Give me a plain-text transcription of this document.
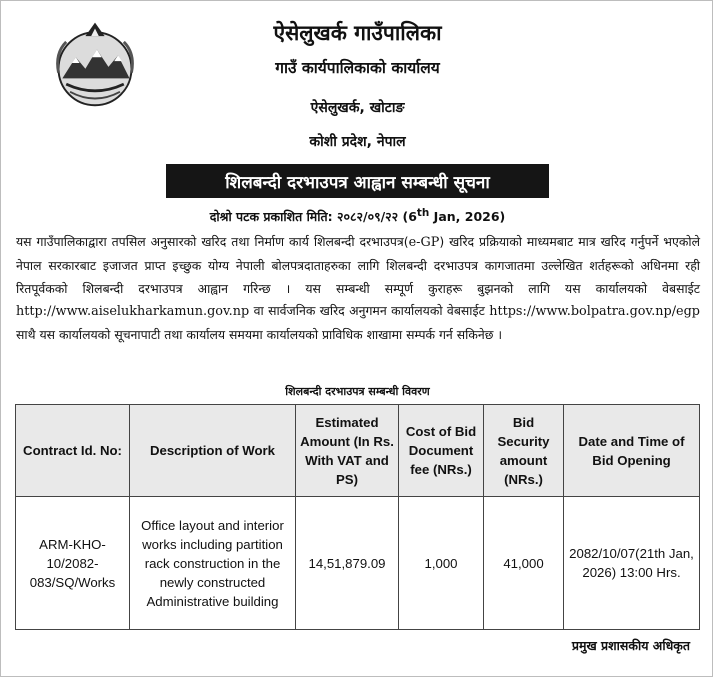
ऐसेलुखर्क गाउँपालिका
गाउँ कार्यपालिकाको कार्यालय
ऐसेलुखर्क, खोटाङ
कोशी प्रदेश, नेपाल
शिलबन्दी दरभाउपत्र आह्वान सम्बन्धी सूचना
दोश्रो पटक प्रकाशित मिति: २०८२/०९/२२ (6th Jan, 2026)
यस गाउँपालिकाद्वारा तपसिल अनुसारको खरिद तथा निर्माण कार्य शिलबन्दी दरभाउपत्र(e-GP) खरिद प्रक्रियाको माध्यमबाट मात्र खरिद गर्नुपर्ने भएकोले नेपाल सरकारबाट इजाजत प्राप्त इच्छुक योग्य नेपाली बोलपत्रदाताहरुका लागि शिलबन्दी दरभाउपत्र कागजातमा उल्लेखित शर्तहरूको अधिनमा रही रितपूर्वकको शिलबन्दी दरभाउपत्र आह्वान गरिन्छ । यस सम्बन्धी सम्पूर्ण कुराहरू बुझनको लागि यस कार्यालयको वेबसाईट http://www.aiselukharkamun.gov.np वा सार्वजनिक खरिद अनुगमन कार्यालयको वेबसाईट https://www.bolpatra.gov.np/egp साथै यस कार्यालयको सूचनापाटी तथा कार्यालय समयमा कार्यालयको प्राविधिक शाखामा सम्पर्क गर्न सकिनेछ ।
शिलबन्दी दरभाउपत्र सम्बन्धी विवरण
Contract Id. No:	Description of Work	Estimated Amount (In Rs. With VAT and PS)	Cost of Bid Document fee (NRs.)	Bid Security amount (NRs.)	Date and Time of Bid Opening
ARM-KHO-10/2082-083/SQ/Works	Office layout and interior works including partition rack construction in the newly constructed Administrative building	14,51,879.09	1,000	41,000	2082/10/07(21th Jan, 2026) 13:00 Hrs.
प्रमुख प्रशासकीय अधिकृत
